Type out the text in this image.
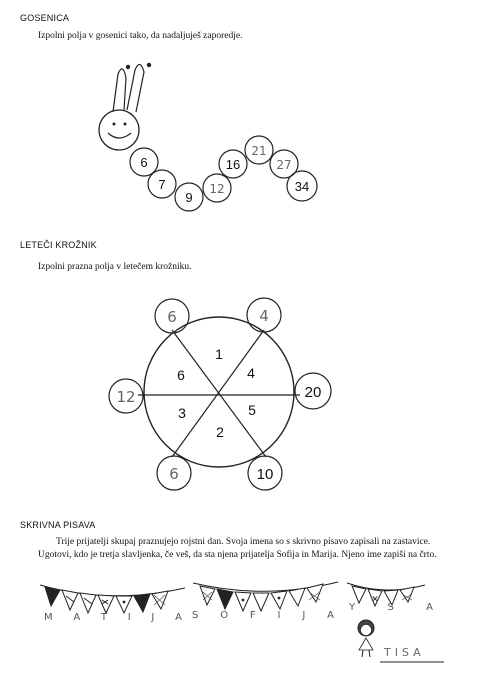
GOSENICA
Izpolni polja v gosenici tako, da nadaljuješ zaporedje.
6
7
9
12
16
21
27
34
1
4
5
2
3
6
6	4
20
10
6
12
✕
LETEČI KROŽNIK
Izpolni prazna polja v letečem krožniku.
SKRIVNA PISAVA
Trije prijatelji skupaj praznujejo rojstni dan. Svoja imena so s skrivno pisavo zapisali na zastavice. Ugotovi, kdo je tretja slavljenka, če veš, da sta njena prijatelja Sofija in Marija. Njeno ime zapiši na črto.
M A T I J A S O F I J A
Y	S	A
TISA
